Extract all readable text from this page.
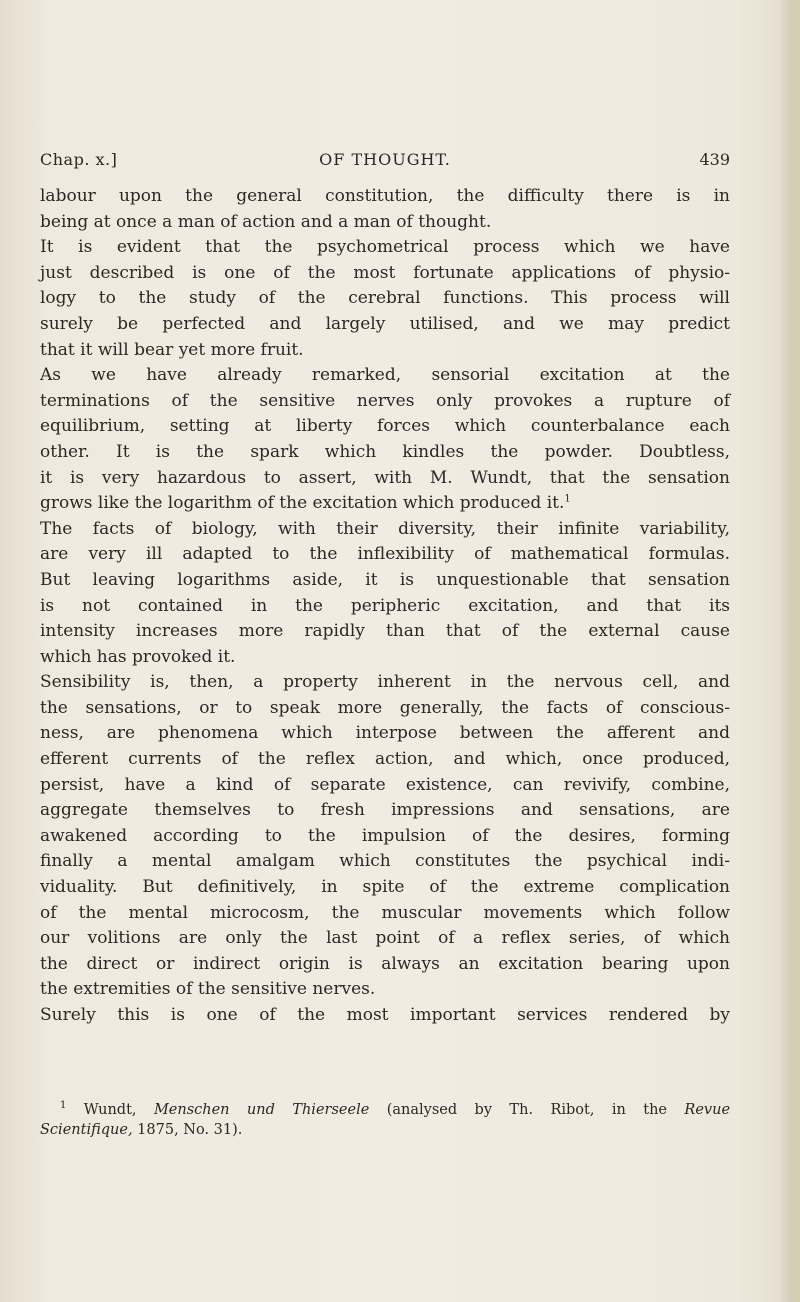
Chap. x.]	OF THOUGHT.	439
labour upon the general constitution, the difficulty there is in
being at once a man of action and a man of thought.
It is evident that the psychometrical process which we have
just described is one of the most fortunate applications of physio-
logy to the study of the cerebral functions. This process will
surely be perfected and largely utilised, and we may predict
that it will bear yet more fruit.
As we have already remarked, sensorial excitation at the
terminations of the sensitive nerves only provokes a rupture of
equilibrium, setting at liberty forces which counterbalance each
other. It is the spark which kindles the powder. Doubtless,
it is very hazardous to assert, with M. Wundt, that the sensation
grows like the logarithm of the excitation which produced it.$^1$
The facts of biology, with their diversity, their infinite variability,
are very ill adapted to the inflexibility of mathematical formulas.
But leaving logarithms aside, it is unquestionable that sensation
is not contained in the peripheric excitation, and that its
intensity increases more rapidly than that of the external cause
which has provoked it.
Sensibility is, then, a property inherent in the nervous cell, and
the sensations, or to speak more generally, the facts of conscious-
ness, are phenomena which interpose between the afferent and
efferent currents of the reflex action, and which, once produced,
persist, have a kind of separate existence, can revivify, combine,
aggregate themselves to fresh impressions and sensations, are
awakened according to the impulsion of the desires, forming
finally a mental amalgam which constitutes the psychical indi-
viduality. But definitively, in spite of the extreme complication
of the mental microcosm, the muscular movements which follow
our volitions are only the last point of a reflex series, of which
the direct or indirect origin is always an excitation bearing upon
the extremities of the sensitive nerves.
Surely this is one of the most important services rendered by
$^1$ Wundt, Menschen und Thierseele (analysed by Th. Ribot, in the Revue
Scientifique, 1875, No. 31).
